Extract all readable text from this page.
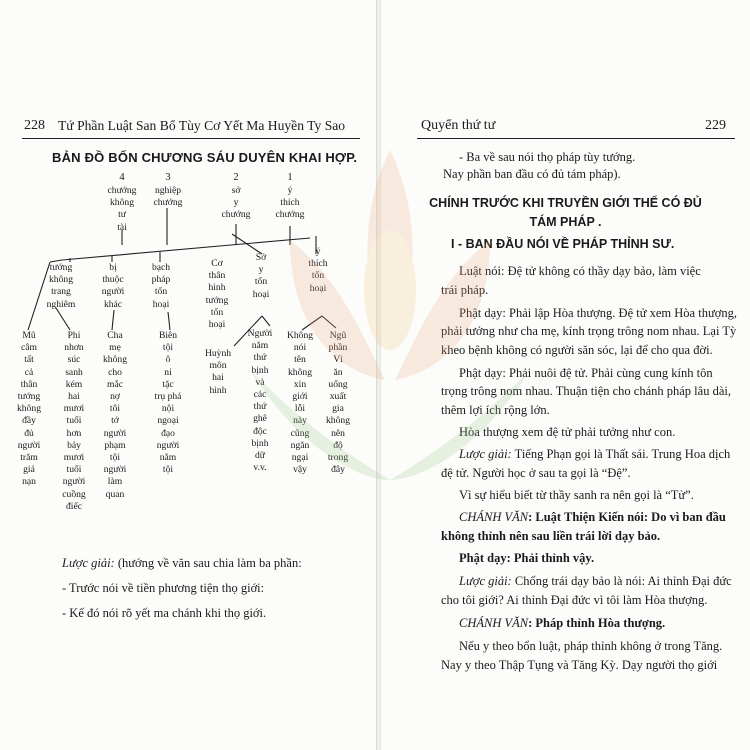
228 Tứ Phần Luật San Bổ Tùy Cơ Yết Ma Huyền Ty Sao
BẢN ĐỒ BỐN CHƯƠNG SÁU DUYÊN KHAI HỢP.
4
chướng
không
tư
tài
3
nghiệp
chướng
2
sở
y
chướng
1
ý
thích
chướng
tướng
không
trang
nghiêm
bị
thuộc
người
khác
bạch
pháp
tổn
hoại
Cơ
thân
hình
tướng
tổn
hoại
Sở
y
tổn
hoại
ý
thích
tổn
hoại
Mũ
câm
tất
cả
thân
tướng
không
đầy
đủ
người
trăm
giả
nạn
Phi
nhơn
súc
sanh
kém
hai
mươi
tuổi
hơn
bảy
mươi
tuổi
người
cuồng
điếc
Cha
mẹ
không
cho
mắc
nợ
tôi
tớ
người
phạm
tội
người
làm
quan
Biên
tội
ô
ni
tặc
trụ phá
nội
ngoại
đạo
người
năm
tội
Huỳnh
môn
hai
hình
Người
năm
thứ
bịnh
và
các
thứ
ghê
độc
bịnh
dữ
v.v.
Không
nói
tên
không
xin
giới
lỗi
này
cũng
ngăn
ngại
vậy
Ngũ
phần
Vì
ăn
uống
xuất
gia
không
nên
độ
trong
đây
Lược giải: (hướng về văn sau chia làm ba phần:
- Trước nói về tiền phương tiện thọ giới:
- Kế đó nói rõ yết ma chánh khi thọ giới.
Quyển thứ tư	229
- Ba về sau nói thọ pháp tùy tướng.
Nay phần ban đầu có đủ tám pháp).
CHÍNH TRƯỚC KHI TRUYỀN GIỚI THỂ CÓ ĐỦ
TÁM PHÁP .
I - BAN ĐẦU NÓI VỀ PHÁP THỈNH SƯ.
Luật nói: Đệ tử không có thầy dạy bảo, làm việc
trái pháp.
Phật dạy: Phải lập Hòa thượng. Đệ tử xem Hòa thượng,
phải tưởng như cha mẹ, kính trọng trông nom nhau. Lại Tỳ
kheo bệnh không có người săn sóc, lại để cho qua đời.
Phật dạy: Phải nuôi đệ tử. Phải cùng cung kính tôn
trọng trông nom nhau. Thuận tiện cho chánh pháp lâu dài,
thêm lợi ích rộng lớn.
Hòa thượng xem đệ tử phải tưởng như con.
Lược giải: Tiếng Phạn gọi là Thất sái. Trung Hoa dịch
đệ tử. Người học ở sau ta gọi là “Đệ”.
Vì sự hiểu biết từ thầy sanh ra nên gọi là “Tử”.
CHÁNH VĂN: Luật Thiện Kiến nói: Do vì ban đầu
không thỉnh nên sau liền trái lời dạy bảo.
Phật dạy: Phải thỉnh vậy.
Lược giải: Chống trái dạy bảo là nói: Ai thỉnh Đại đức
cho tôi giới? Ai thỉnh Đại đức vì tôi làm Hòa thượng.
CHÁNH VĂN: Pháp thỉnh Hòa thượng.
Nếu y theo bổn luật, pháp thỉnh không ở trong Tăng.
Nay y theo Thập Tụng và Tăng Kỳ. Dạy người thọ giới
